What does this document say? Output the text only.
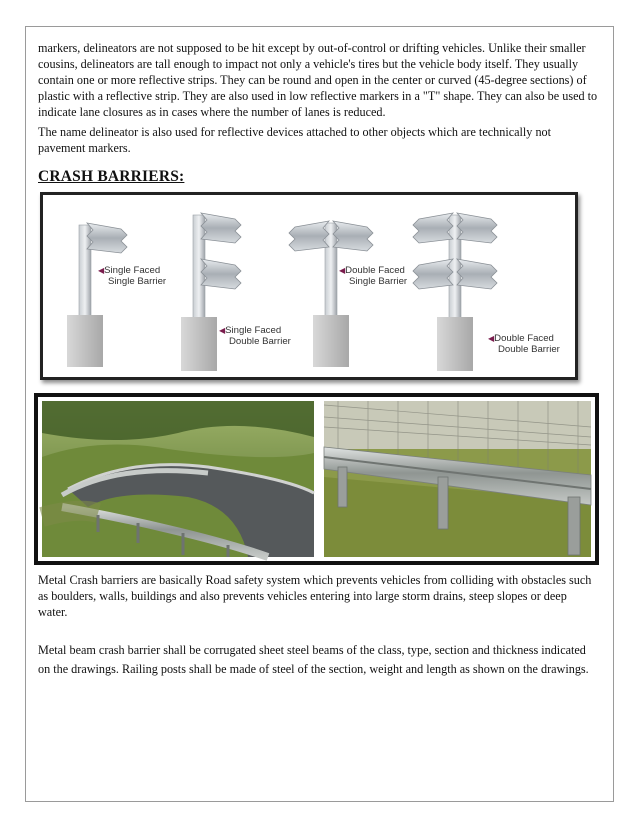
markers, delineators are not supposed to be hit except by out-of-control or drifting vehicles. Unlike their smaller cousins, delineators are tall enough to impact not only a vehicle's tires but the vehicle body itself. They usually contain one or more reflective strips. They can be round and open in the center or curved (45-degree sections) of plastic with a reflective strip. They are also used in low reflective markers in a "T" shape. They can also be used to indicate lane closures as in cases where the number of lanes is reduced.
The name delineator is also used for reflective devices attached to other objects which are technically not pavement markers.
CRASH BARRIERS:
◀Single Faced
Single Barrier
◀Single Faced
Double Barrier
◀Double Faced
Single Barrier
◀Double Faced
Double Barrier
Metal Crash barriers are basically Road safety system which prevents vehicles from colliding with obstacles such as boulders, walls, buildings and also prevents vehicles entering into large storm drains, steep slopes or deep water.
Metal beam crash barrier shall be corrugated sheet steel beams of the class, type, section and thickness indicated on the drawings. Railing posts shall be made of steel of the section, weight and length as shown on the drawings.
